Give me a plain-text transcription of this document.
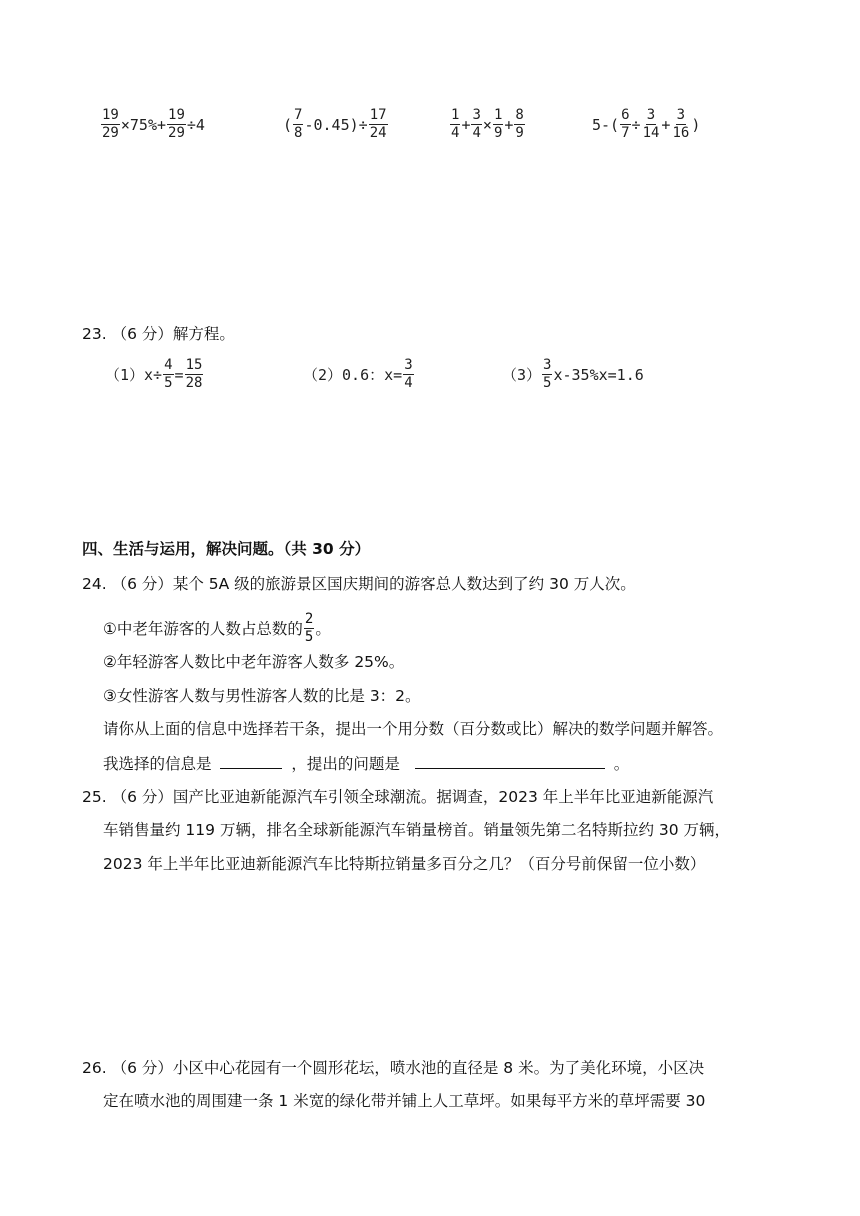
$\frac{19}{29} \times 75\%+ \frac{19}{29} \div 4$	( $\frac{7}{8} -0.45)\div \frac{17}{24}$	$\frac{1}{4} + \frac{3}{4} \times \frac{1}{9} + \frac{8}{9}$	$5-( \frac{6}{7} \div \frac{3}{14} + \frac{3}{16}$ )
23. （6 分）解方程。
（1） $x\div \frac{4}{5} = \frac{15}{28}$	（2） 0.6：$x= \frac{3}{4}$	$(3) \frac{3}{5} x-35\%x=1.6$
四、生活与运用，解决问题。（共 30 分）
24. （6 分）某个 5A 级的旅游景区国庆期间的游客总人数达到了约 30 万人次。
①中老年游客的人数占总数的 $\frac{2}{5}$ 。
②年轻游客人数比中老年游客人数多 25%。
③女性游客人数与男性游客人数的比是 3：2。
请你从上面的信息中选择若干条，提出一个用分数（百分数或比）解决的数学问题并解答。
我选择的信息是	，提出的问题是	。
25. （6 分）国产比亚迪新能源汽车引领全球潮流。据调查，2023 年上半年比亚迪新能源汽
车销售量约 119 万辆，排名全球新能源汽车销量榜首。销量领先第二名特斯拉约 30 万辆，
2023 年上半年比亚迪新能源汽车比特斯拉销量多百分之几？（百分号前保留一位小数）
26. （6 分）小区中心花园有一个圆形花坛，喷水池的直径是 8 米。为了美化环境，小区决
定在喷水池的周围建一条 1 米宽的绿化带并铺上人工草坪。如果每平方米的草坪需要 30
